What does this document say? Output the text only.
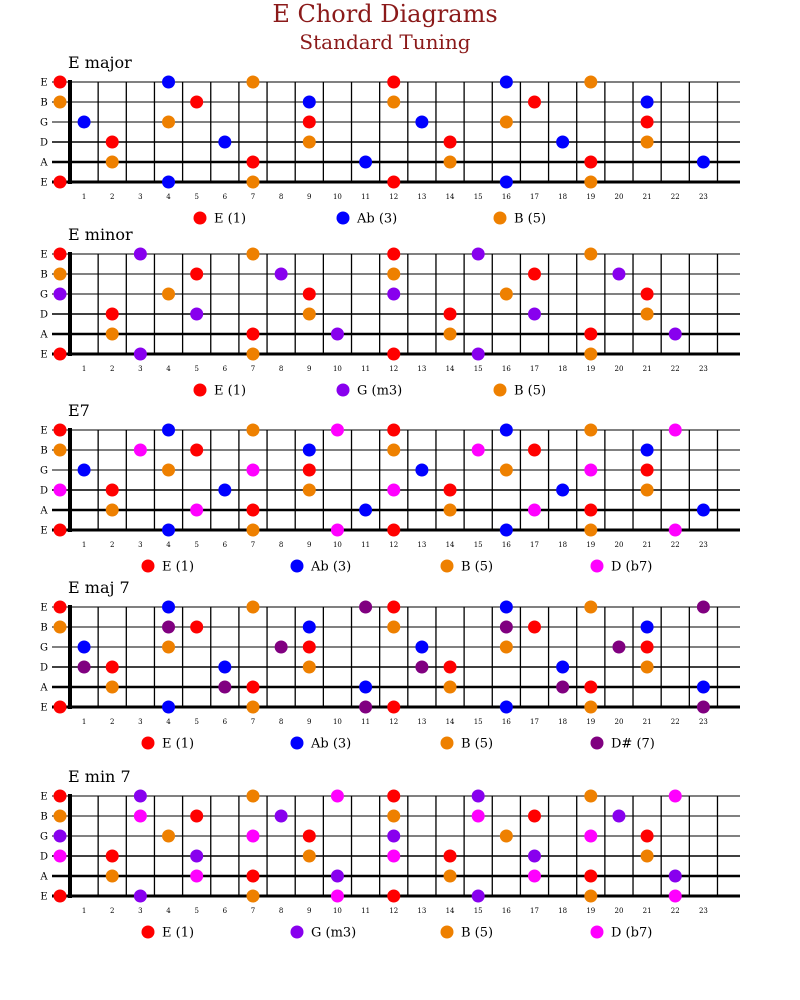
E Chord Diagrams
Standard Tuning
E major
E
B
G
D
A
E
1	2	3	4	5	6	7	8	9	10	11	12	13	14	15	16	17	18	19	20	21	22	23
E (1)	Ab (3)	B (5)
E minor
E
B
G
D
A
E
1	2	3	4	5	6	7	8	9	10	11	12	13	14	15	16	17	18	19	20	21	22	23
E (1)	G (m3)	B (5)
E7
E
B
G
D
A
E
1	2	3	4	5	6	7	8	9	10	11	12	13	14	15	16	17	18	19	20	21	22	23
E (1)	Ab (3)	B (5)	D (b7)
E maj 7
E
B
G
D
A
E
1	2	3	4	5	6	7	8	9	10	11	12	13	14	15	16	17	18	19	20	21	22	23
E (1)	Ab (3)	B (5)	D# (7)
E min 7
E
B
G
D
A
E
1	2	3	4	5	6	7	8	9	10	11	12	13	14	15	16	17	18	19	20	21	22	23
E (1)	G (m3)	B (5)	D (b7)
